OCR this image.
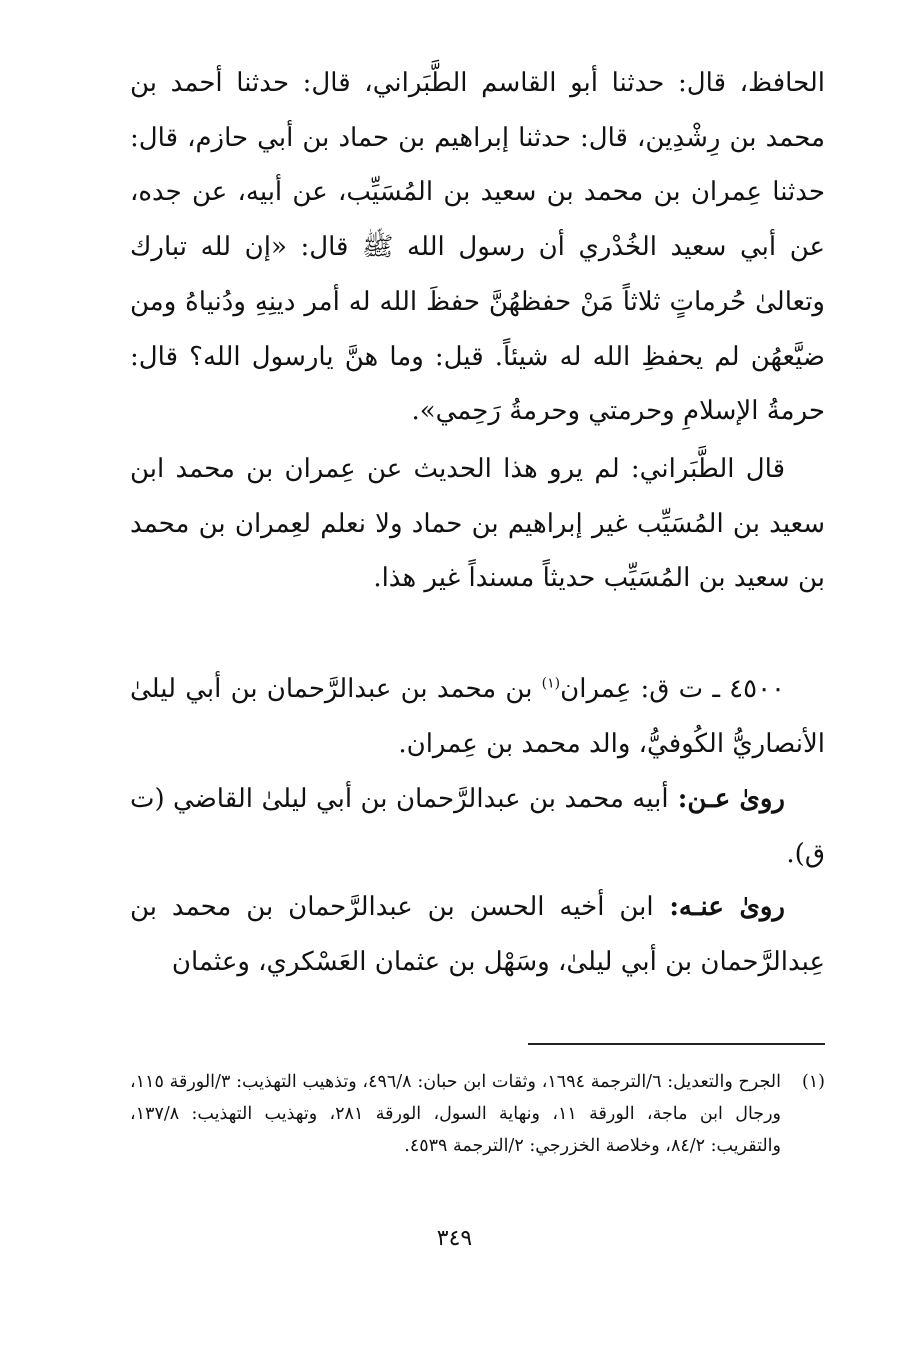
الحافظ، قال: حدثنا أبو القاسم الطَّبَراني، قال: حدثنا أحمد بن محمد بن رِشْدِين، قال: حدثنا إبراهيم بن حماد بن أبي حازم، قال: حدثنا عِمران بن محمد بن سعيد بن المُسَيِّب، عن أبيه، عن جده، عن أبي سعيد الخُدْري أن رسول الله ﷺ قال: «إن لله تبارك وتعالىٰ حُرماتٍ ثلاثاً مَنْ حفظهُنَّ حفظَ الله له أمر دينِهِ ودُنياهُ ومن ضيَّعهُن لم يحفظِ الله له شيئاً. قيل: وما هنَّ يارسول الله؟ قال: حرمةُ الإسلامِ وحرمتي وحرمةُ رَحِمي».

قال الطَّبَراني: لم يرو هذا الحديث عن عِمران بن محمد ابن سعيد بن المُسَيِّب غير إبراهيم بن حماد ولا نعلم لعِمران بن محمد بن سعيد بن المُسَيِّب حديثاً مسنداً غير هذا.

٤٥٠٠ ـ ت ق: عِمران$^{(١)}$ بن محمد بن عبدالرَّحمان بن أبي ليلىٰ الأنصاريُّ الكُوفيُّ، والد محمد بن عِمران.

روىٰ عـن: أبيه محمد بن عبدالرَّحمان بن أبي ليلىٰ القاضي (ت ق).

روىٰ عنـه: ابن أخيه الحسن بن عبدالرَّحمان بن محمد بن عِبدالرَّحمان بن أبي ليلىٰ، وسَهْل بن عثمان العَسْكري، وعثمان

(١)
الجرح والتعديل: ٦/الترجمة ١٦٩٤، وثقات ابن حبان: ٤٩٦/٨، وتذهيب التهذيب: ٣/الورقة ١١٥، ورجال ابن ماجة، الورقة ١١، ونهاية السول، الورقة ٢٨١، وتهذيب التهذيب: ١٣٧/٨، والتقريب: ٨٤/٢، وخلاصة الخزرجي: ٢/الترجمة ٤٥٣٩.
٣٤٩
